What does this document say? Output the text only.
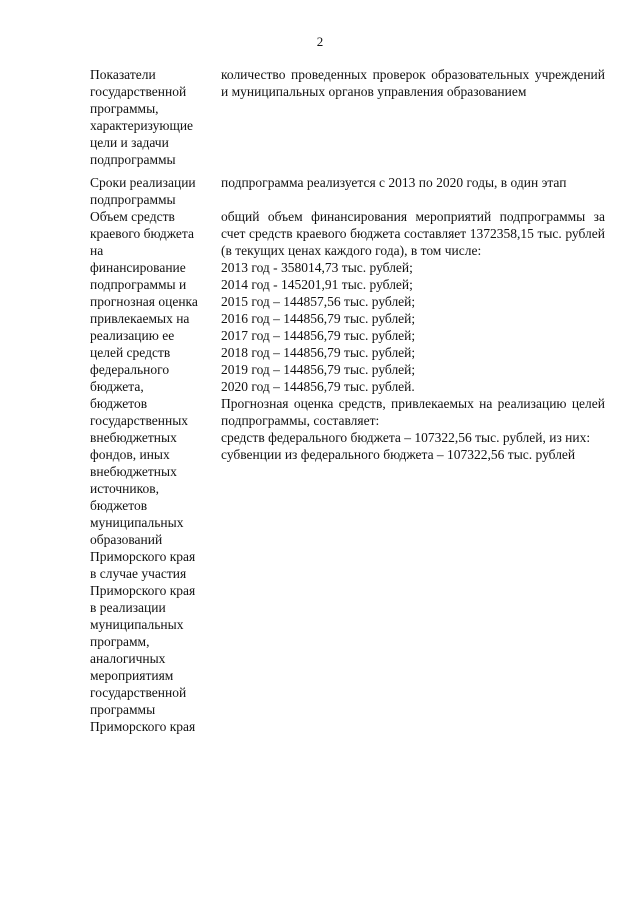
2

Показатели
государственной
программы,
характеризующие
цели и задачи
подпрограммы

количество проведенных проверок образовательных учреждений и муниципальных органов управления образованием

Сроки реализации
подпрограммы

подпрограмма реализуется с 2013 по 2020 годы, в один этап

Объем средств
краевого бюджета
на
финансирование
подпрограммы и
прогнозная оценка
привлекаемых на
реализацию ее
целей средств
федерального
бюджета,
бюджетов
государственных
внебюджетных
фондов, иных
внебюджетных
источников,
бюджетов
муниципальных
образований
Приморского края
в случае участия
Приморского края
в реализации
муниципальных
программ,
аналогичных
мероприятиям
государственной
программы
Приморского края

общий объем финансирования мероприятий подпрограммы за счет средств краевого бюджета составляет 1372358,15 тыс. рублей (в текущих ценах каждого года), в том числе:

2013 год - 358014,73 тыс. рублей;

2014 год - 145201,91 тыс. рублей;

2015 год – 144857,56 тыс. рублей;

2016 год – 144856,79 тыс. рублей;

2017 год – 144856,79 тыс. рублей;

2018 год – 144856,79 тыс. рублей;

2019 год – 144856,79 тыс. рублей;

2020 год – 144856,79 тыс. рублей.

Прогнозная оценка средств, привлекаемых на реализацию целей подпрограммы, составляет:

средств федерального бюджета – 107322,56 тыс. рублей, из них:

субвенции из федерального бюджета – 107322,56 тыс. рублей
